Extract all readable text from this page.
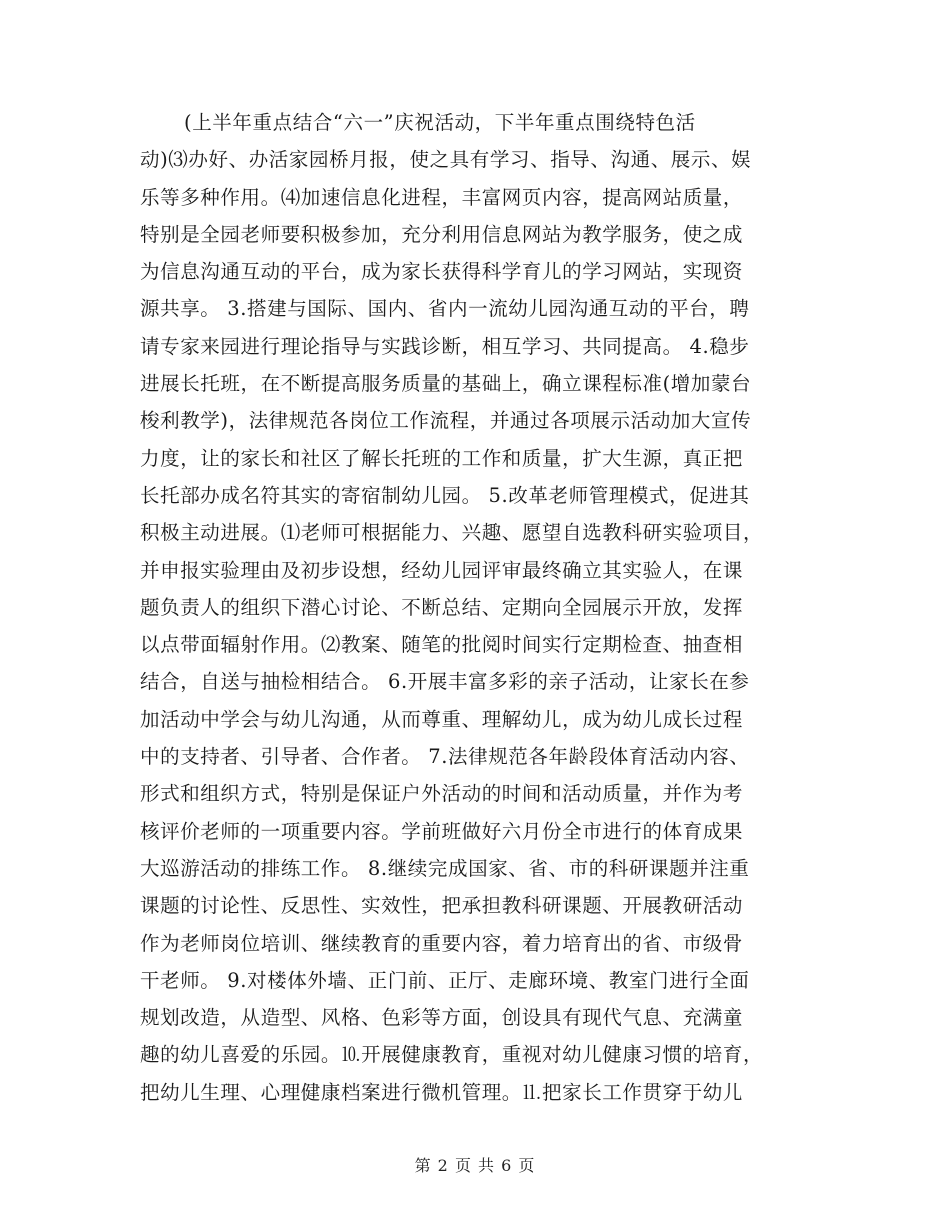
(上半年重点结合“六一”庆祝活动，下半年重点围绕特色活
动)⑶办好、办活家园桥月报，使之具有学习、指导、沟通、展示、娱
乐等多种作用。⑷加速信息化进程，丰富网页内容，提高网站质量，
特别是全园老师要积极参加，充分利用信息网站为教学服务，使之成
为信息沟通互动的平台，成为家长获得科学育儿的学习网站，实现资
源共享。 3.搭建与国际、国内、省内一流幼儿园沟通互动的平台，聘
请专家来园进行理论指导与实践诊断，相互学习、共同提高。 4.稳步
进展长托班，在不断提高服务质量的基础上，确立课程标准(增加蒙台
梭利教学)，法律规范各岗位工作流程，并通过各项展示活动加大宣传
力度，让的家长和社区了解长托班的工作和质量，扩大生源，真正把
长托部办成名符其实的寄宿制幼儿园。 5.改革老师管理模式，促进其
积极主动进展。⑴老师可根据能力、兴趣、愿望自选教科研实验项目，
并申报实验理由及初步设想，经幼儿园评审最终确立其实验人，在课
题负责人的组织下潜心讨论、不断总结、定期向全园展示开放，发挥
以点带面辐射作用。⑵教案、随笔的批阅时间实行定期检查、抽查相
结合，自送与抽检相结合。 6.开展丰富多彩的亲子活动，让家长在参
加活动中学会与幼儿沟通，从而尊重、理解幼儿，成为幼儿成长过程
中的支持者、引导者、合作者。 7.法律规范各年龄段体育活动内容、
形式和组织方式，特别是保证户外活动的时间和活动质量，并作为考
核评价老师的一项重要内容。学前班做好六月份全市进行的体育成果
大巡游活动的排练工作。 8.继续完成国家、省、市的科研课题并注重
课题的讨论性、反思性、实效性，把承担教科研课题、开展教研活动
作为老师岗位培训、继续教育的重要内容，着力培育出的省、市级骨
干老师。 9.对楼体外墙、正门前、正厅、走廊环境、教室门进行全面
规划改造，从造型、风格、色彩等方面，创设具有现代气息、充满童
趣的幼儿喜爱的乐园。⒑开展健康教育，重视对幼儿健康习惯的培育，
把幼儿生理、心理健康档案进行微机管理。⒒把家长工作贯穿于幼儿
第 2 页 共 6 页
